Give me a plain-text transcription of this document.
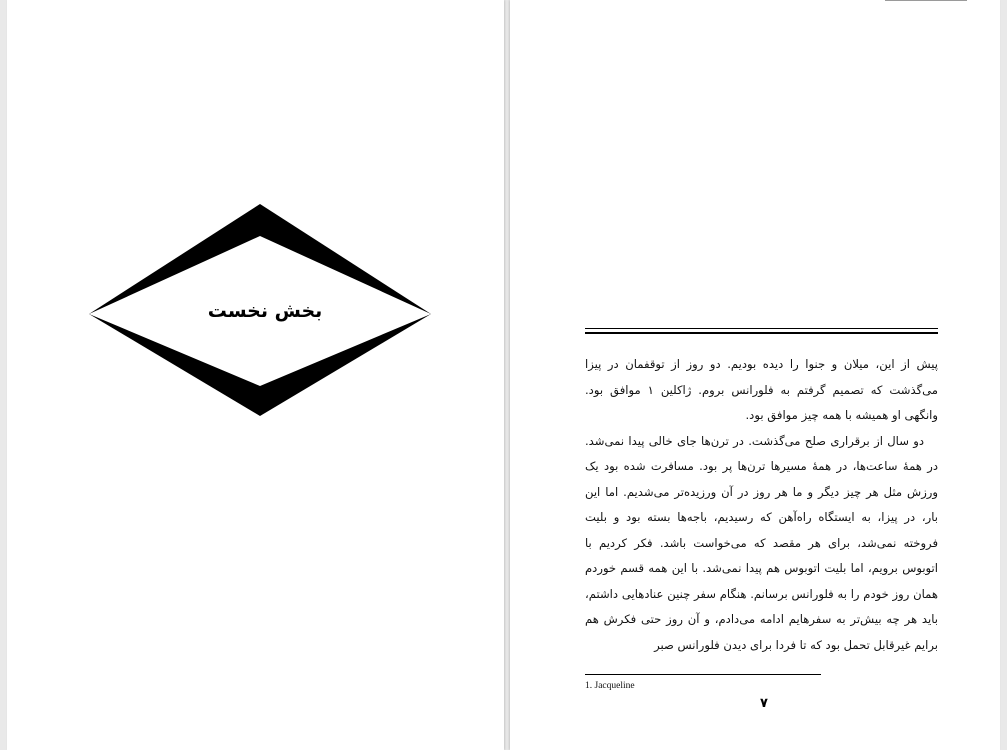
بخش نخست

پیش از این، میلان و جنوا را دیده بودیم. دو روز از توقفمان در پیزا می‌گذشت که تصمیم گرفتم به فلورانس بروم. ژاکلین ۱ موافق بود. وانگهی او همیشه با همه چیز موافق بود.

دو سال از برقراری صلح می‌گذشت. در ترن‌ها جای خالی پیدا نمی‌شد. در همهٔ ساعت‌ها، در همهٔ مسیرها ترن‌ها پر بود. مسافرت شده بود یک ورزش مثل هر چیز دیگر و ما هر روز در آن ورزیده‌تر می‌شدیم. اما این بار، در پیزا، به ایستگاه راه‌آهن که رسیدیم، باجه‌ها بسته بود و بلیت فروخته نمی‌شد، برای هر مقصد که می‌خواست باشد. فکر کردیم با اتوبوس برویم، اما بلیت اتوبوس هم پیدا نمی‌شد. با این همه قسم خوردم همان روز خودم را به فلورانس برسانم. هنگام سفر چنین عنادهایی داشتم، باید هر چه بیش‌تر به سفرهایم ادامه می‌دادم، و آن روز حتی فکرش هم برایم غیرقابل تحمل بود که تا فردا برای دیدن فلورانس صبر

1. Jacqueline
۷
